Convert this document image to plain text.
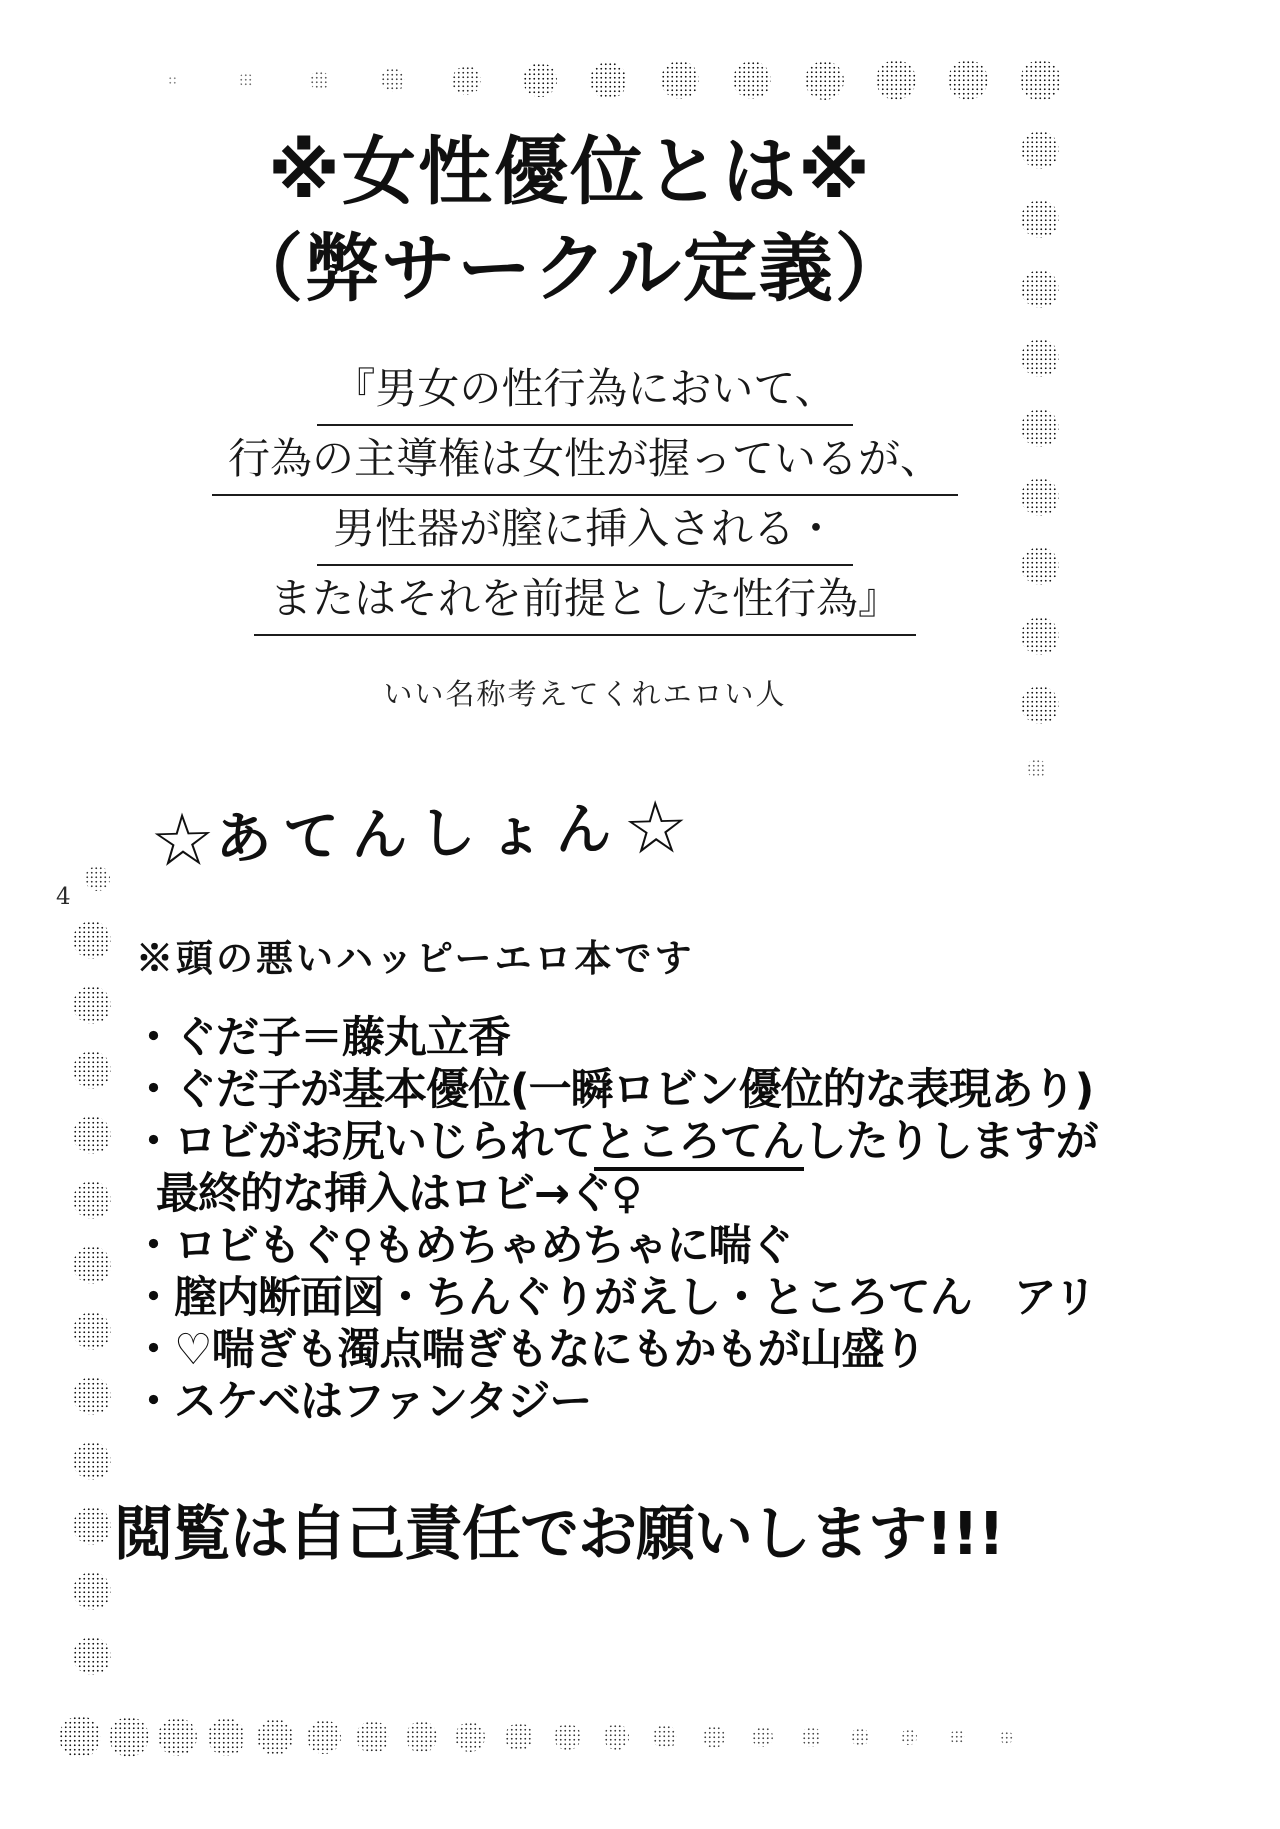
4
※女性優位とは※
（弊サークル定義）
『男女の性行為において、
行為の主導権は女性が握っているが、
男性器が膣に挿入される・
またはそれを前提とした性行為』
いい名称考えてくれエロい人
☆あてんしょん☆
※頭の悪いハッピーエロ本です
・ぐだ子＝藤丸立香
・ぐだ子が基本優位(一瞬ロビン優位的な表現あり)
・ロビがお尻いじられてところてんしたりしますが
最終的な挿入はロビ→ぐ♀
・ロビもぐ♀もめちゃめちゃに喘ぐ
・膣内断面図・ちんぐりがえし・ところてん　アリ
・♡喘ぎも濁点喘ぎもなにもかもが山盛り
・スケベはファンタジー
閲覧は自己責任でお願いします!!!
